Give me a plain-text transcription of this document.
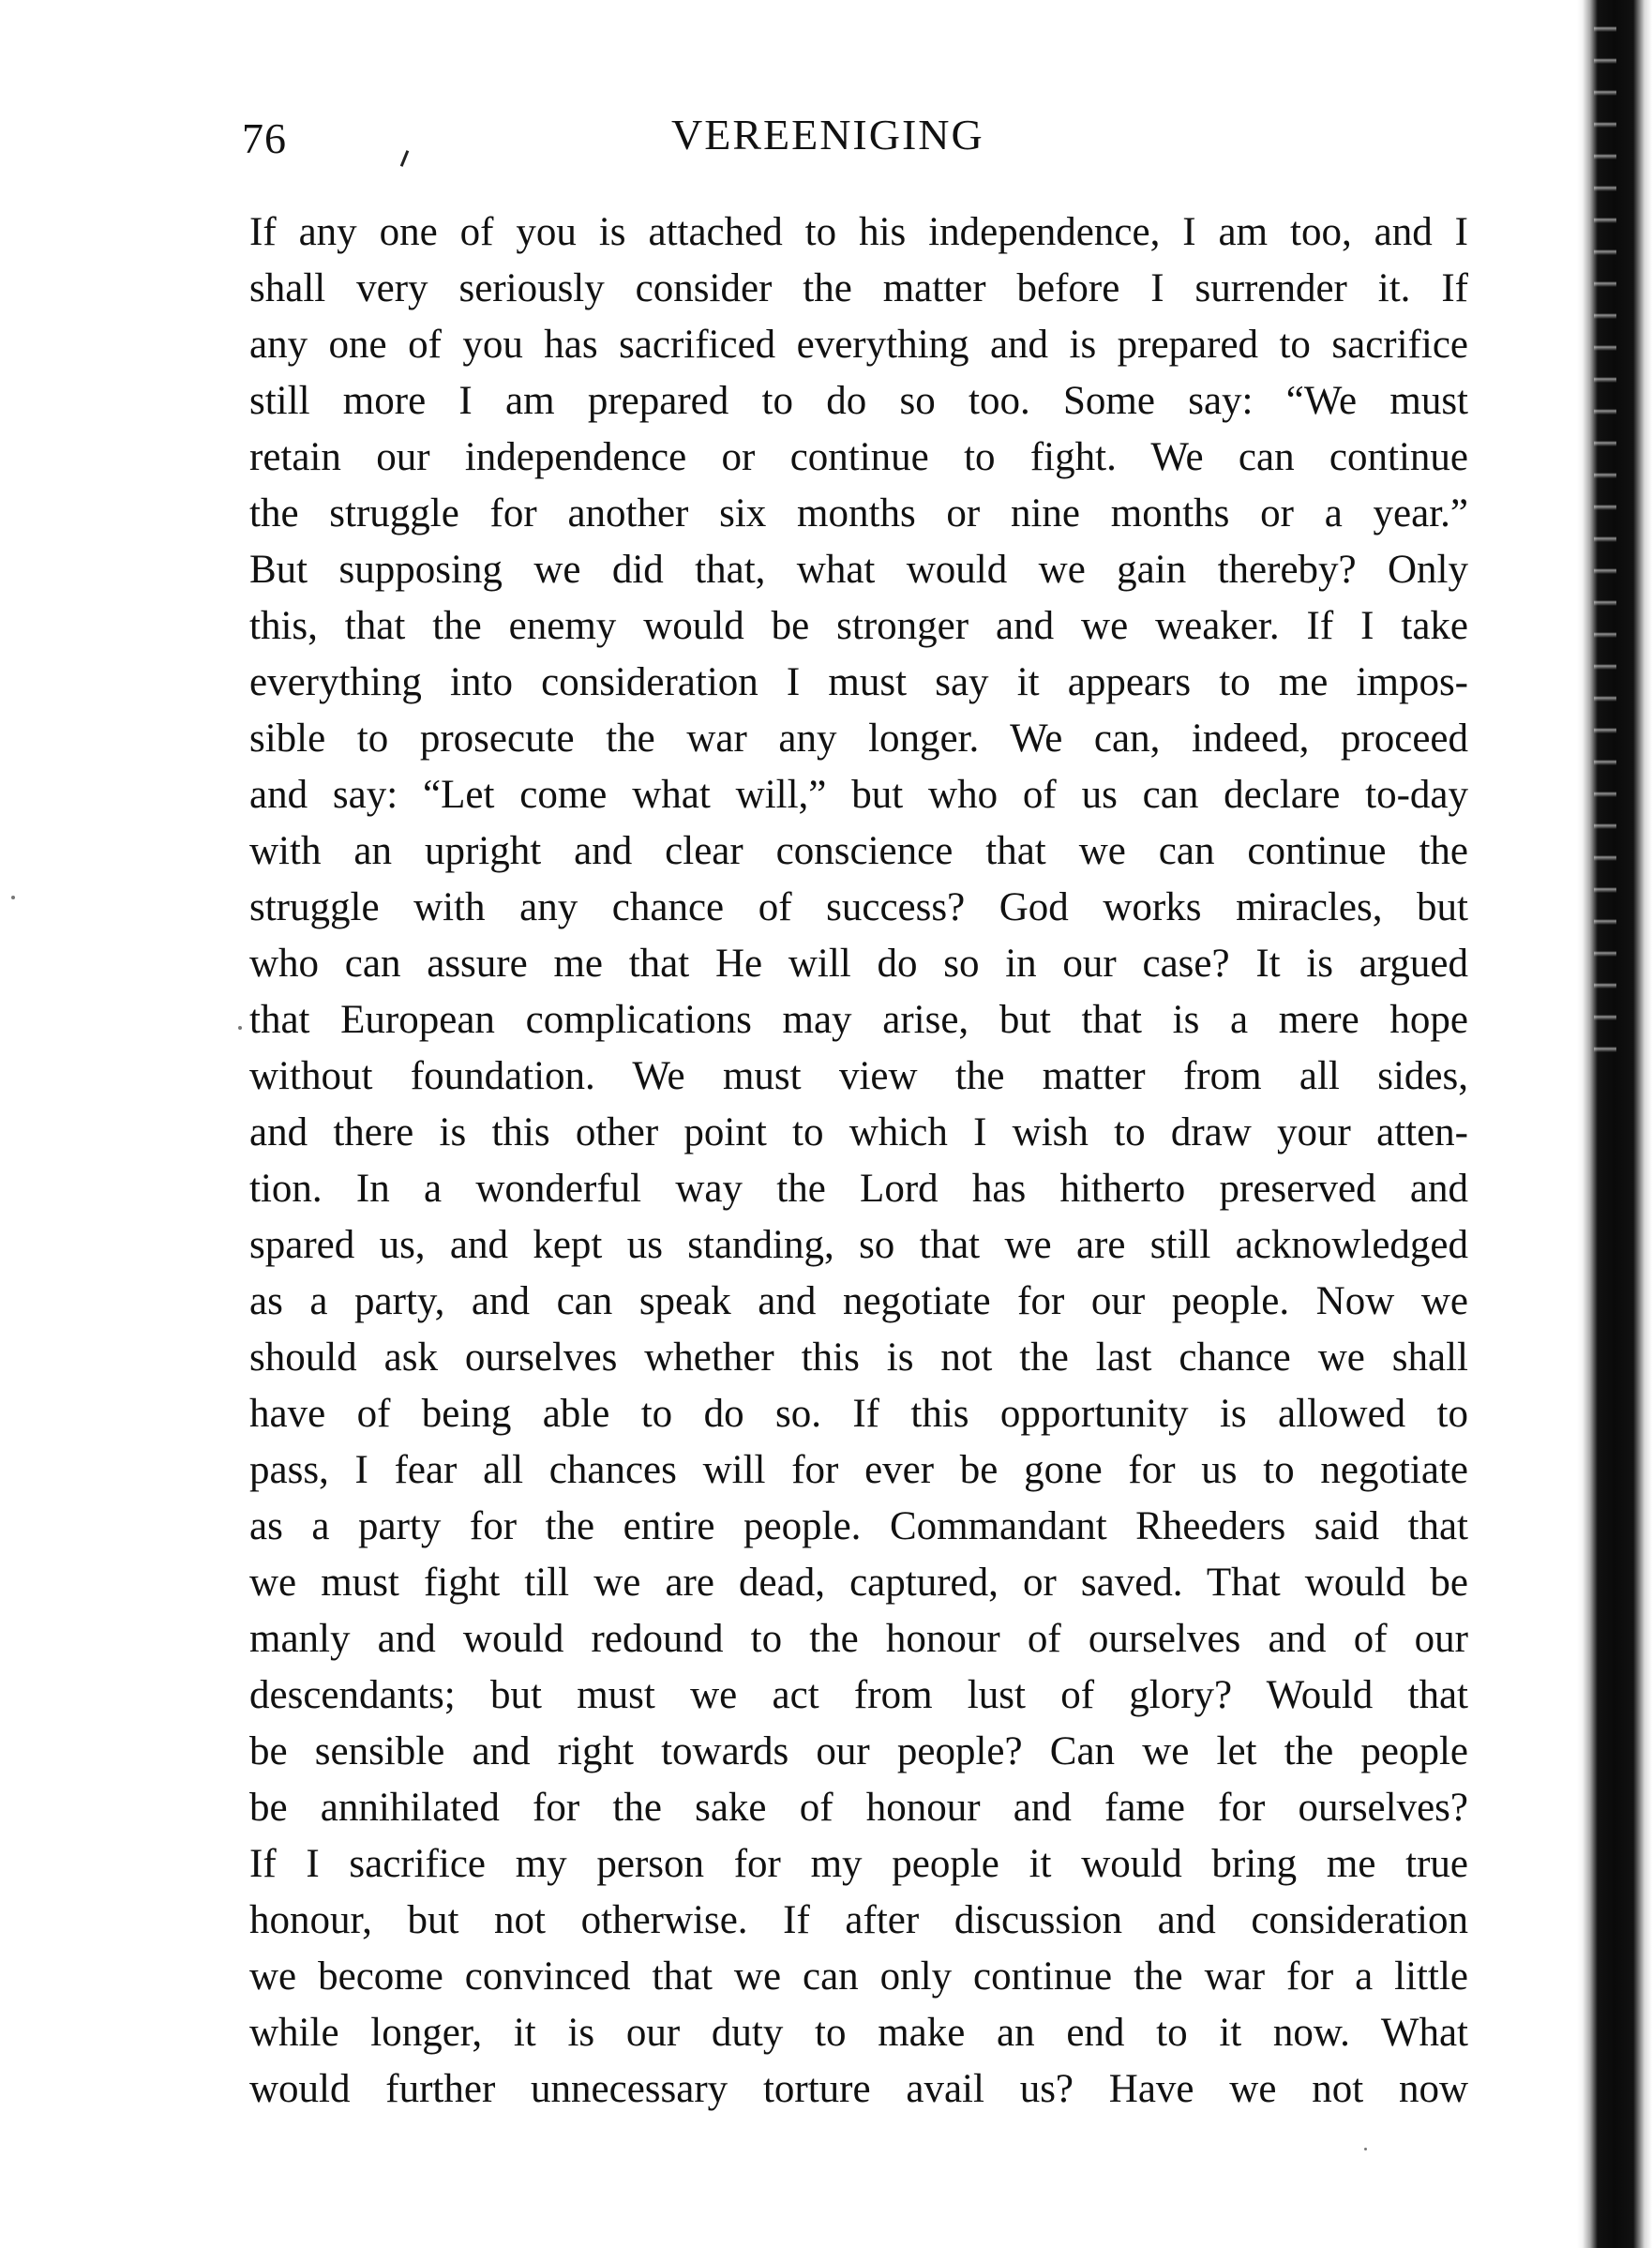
76	VEREENIGING
If any one of you is attached to his independence, I am too, and I
shall very seriously consider the matter before I surrender it. If
any one of you has sacrificed everything and is prepared to sacrifice
still more I am prepared to do so too. Some say: “We must
retain our independence or continue to fight. We can continue
the struggle for another six months or nine months or a year.”
But supposing we did that, what would we gain thereby? Only
this, that the enemy would be stronger and we weaker. If I take
everything into consideration I must say it appears to me impos-
sible to prosecute the war any longer. We can, indeed, proceed
and say: “Let come what will,” but who of us can declare to-day
with an upright and clear conscience that we can continue the
struggle with any chance of success? God works miracles, but
who can assure me that He will do so in our case? It is argued
that European complications may arise, but that is a mere hope
without foundation. We must view the matter from all sides,
and there is this other point to which I wish to draw your atten-
tion. In a wonderful way the Lord has hitherto preserved and
spared us, and kept us standing, so that we are still acknowledged
as a party, and can speak and negotiate for our people. Now we
should ask ourselves whether this is not the last chance we shall
have of being able to do so. If this opportunity is allowed to
pass, I fear all chances will for ever be gone for us to negotiate
as a party for the entire people. Commandant Rheeders said that
we must fight till we are dead, captured, or saved. That would be
manly and would redound to the honour of ourselves and of our
descendants; but must we act from lust of glory? Would that
be sensible and right towards our people? Can we let the people
be annihilated for the sake of honour and fame for ourselves?
If I sacrifice my person for my people it would bring me true
honour, but not otherwise. If after discussion and consideration
we become convinced that we can only continue the war for a little
while longer, it is our duty to make an end to it now. What
would further unnecessary torture avail us? Have we not now
